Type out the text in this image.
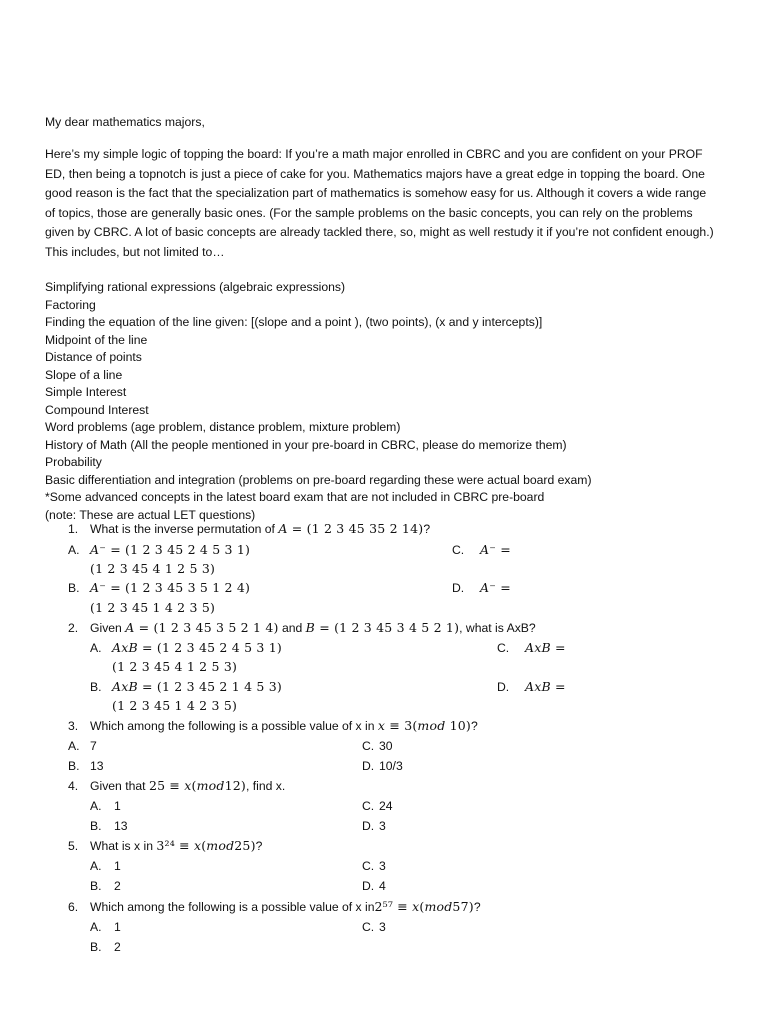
My dear mathematics majors,
Here’s my simple logic of topping the board: If you’re a math major enrolled in CBRC and you are confident on your PROF ED, then being a topnotch is just a piece of cake for you. Mathematics majors have a great edge in topping the board. One good reason is the fact that the specialization part of mathematics is somehow easy for us. Although it covers a wide range of topics, those are generally basic ones. (For the sample problems on the basic concepts, you can rely on the problems given by CBRC. A lot of basic concepts are already tackled there, so, might as well restudy it if you’re not confident enough.) This includes, but not limited to…
Simplifying rational expressions (algebraic expressions)
Factoring
Finding the equation of the line given: [(slope and a point ), (two points), (x and y intercepts)]
Midpoint of the line
Distance of points
Slope of a line
Simple Interest
Compound Interest
Word problems (age problem, distance problem, mixture problem)
History of Math (All the people mentioned in your pre-board in CBRC, please do memorize them)
Probability
Basic differentiation and integration (problems on pre-board regarding these were actual board exam)
*Some advanced concepts in the latest board exam that are not included in CBRC pre-board
(note: These are actual LET questions)
1. What is the inverse permutation of 𝐴 = (1 2 3 45 35 2 14)?
A. 𝐴⁻ = (1 2 3 45 2 4 5 3 1)	C. 𝐴⁻ =
(1 2 3 45 4 1 2 5 3)
B. 𝐴⁻ = (1 2 3 45 3 5 1 2 4)	D. 𝐴⁻ =
(1 2 3 45 1 4 2 3 5)
2. Given 𝐴 = (1 2 3 45 3 5 2 1 4) and 𝐵 = (1 2 3 45 3 4 5 2 1), what is AxB?
A. 𝐴𝑥𝐵 = (1 2 3 45 2 4 5 3 1)	C. 𝐴𝑥𝐵 =
(1 2 3 45 4 1 2 5 3)
B. 𝐴𝑥𝐵 = (1 2 3 45 2 1 4 5 3)	D. 𝐴𝑥𝐵 =
(1 2 3 45 1 4 2 3 5)
3. Which among the following is a possible value of x in 𝑥 ≡ 3(𝑚𝑜𝑑 10)?
A. 7	C. 30
B. 13	D. 10/3
4. Given that 25 ≡ 𝑥(𝑚𝑜𝑑12), find x.
A. 1	C. 24
B. 13	D. 3
5. What is x in 3²⁴ ≡ 𝑥(𝑚𝑜𝑑25)?
A. 1	C. 3
B. 2	D. 4
6. Which among the following is a possible value of x in2⁵⁷ ≡ 𝑥(𝑚𝑜𝑑57)?
A. 1	C. 3
B. 2
